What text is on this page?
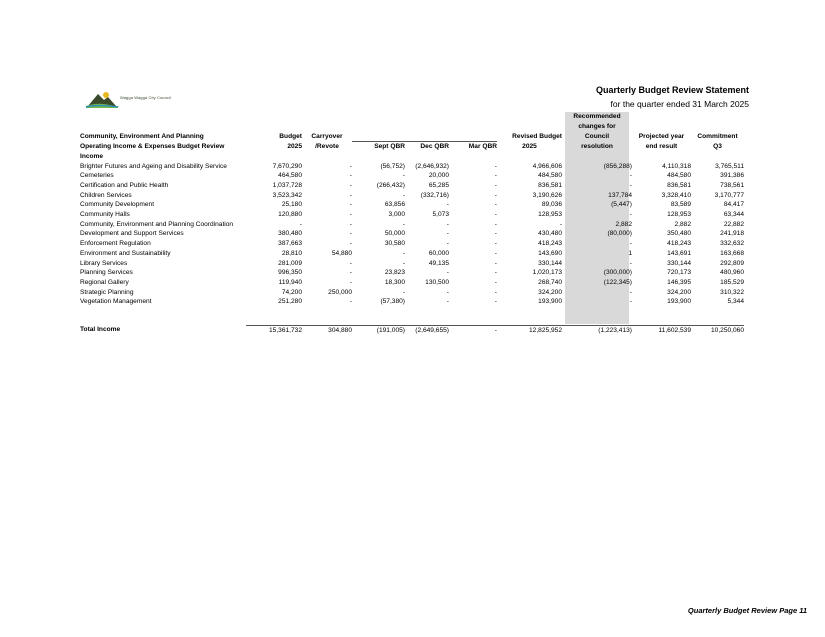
Wagga Wagga City Council
Quarterly Budget Review Statement
for the quarter ended 31 March 2025
							Recommended		
							changes for		
Community, Environment And Planning	Budget	Carryover				Revised Budget	Council	Projected year	Commitment
Operating Income & Expenses Budget Review	2025	/Revote	Sept QBR	Dec QBR	Mar QBR	2025	resolution	end result	Q3
Income									
Brighter Futures and Ageing and Disability Service	7,670,290	-	(56,752)	(2,646,932)	-	4,966,606	(856,288)	4,110,318	3,765,511
Cemeteries	464,580	-	-	20,000	-	484,580	-	484,580	391,386
Certification and Public Health	1,037,728	-	(266,432)	65,285	-	836,581	-	836,581	738,561
Children Services	3,523,342	-	-	(332,716)	-	3,190,626	137,784	3,328,410	3,170,777
Community Development	25,180	-	63,856	-	-	89,036	(5,447)	83,589	84,417
Community Halls	120,880	-	3,000	5,073	-	128,953	-	128,953	63,344
Community, Environment and Planning Coordination	-	-	-	-	-	-	2,882	2,882	22,882
Development and Support Services	380,480	-	50,000	-	-	430,480	(80,000)	350,480	241,918
Enforcement Regulation	387,663	-	30,580	-	-	418,243	-	418,243	332,632
Environment and Sustainability	28,810	54,880	-	60,000	-	143,690	1	143,691	163,668
Library Services	281,009	-	-	49,135	-	330,144	-	330,144	292,809
Planning Services	996,350	-	23,823	-	-	1,020,173	(300,000)	720,173	480,960
Regional Gallery	119,940	-	18,300	130,500	-	268,740	(122,345)	146,395	185,529
Strategic Planning	74,200	250,000	-	-	-	324,200	-	324,200	310,322
Vegetation Management	251,280	-	(57,380)	-	-	193,900	-	193,900	5,344

Total Income	15,361,732	304,880	(191,005)	(2,649,655)	-	12,825,952	(1,223,413)	11,602,539	10,250,060
Quarterly Budget Review Page 11
